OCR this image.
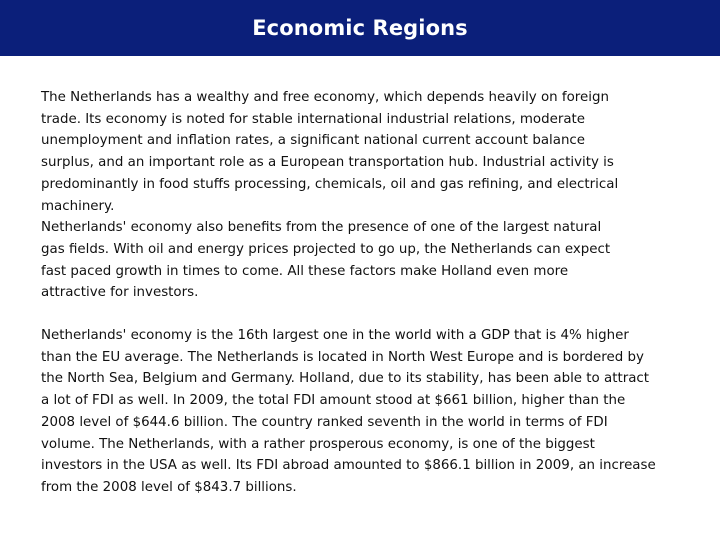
Economic Regions

The Netherlands has a wealthy and free economy, which depends heavily on foreign
trade. Its economy is noted for stable international industrial relations, moderate
unemployment and inflation rates, a significant national current account balance
surplus, and an important role as a European transportation hub. Industrial activity is
predominantly in food stuffs processing, chemicals, oil and gas refining, and electrical
machinery.

Netherlands' economy also benefits from the presence of one of the largest natural
gas fields. With oil and energy prices projected to go up, the Netherlands can expect
fast paced growth in times to come. All these factors make Holland even more
attractive for investors.

Netherlands' economy is the 16th largest one in the world with a GDP that is 4% higher
than the EU average. The Netherlands is located in North West Europe and is bordered by
the North Sea, Belgium and Germany. Holland, due to its stability, has been able to attract
a lot of FDI as well. In 2009, the total FDI amount stood at $661 billion, higher than the
2008 level of $644.6 billion. The country ranked seventh in the world in terms of FDI
volume. The Netherlands, with a rather prosperous economy, is one of the biggest
investors in the USA as well. Its FDI abroad amounted to $866.1 billion in 2009, an increase
from the 2008 level of $843.7 billions.
